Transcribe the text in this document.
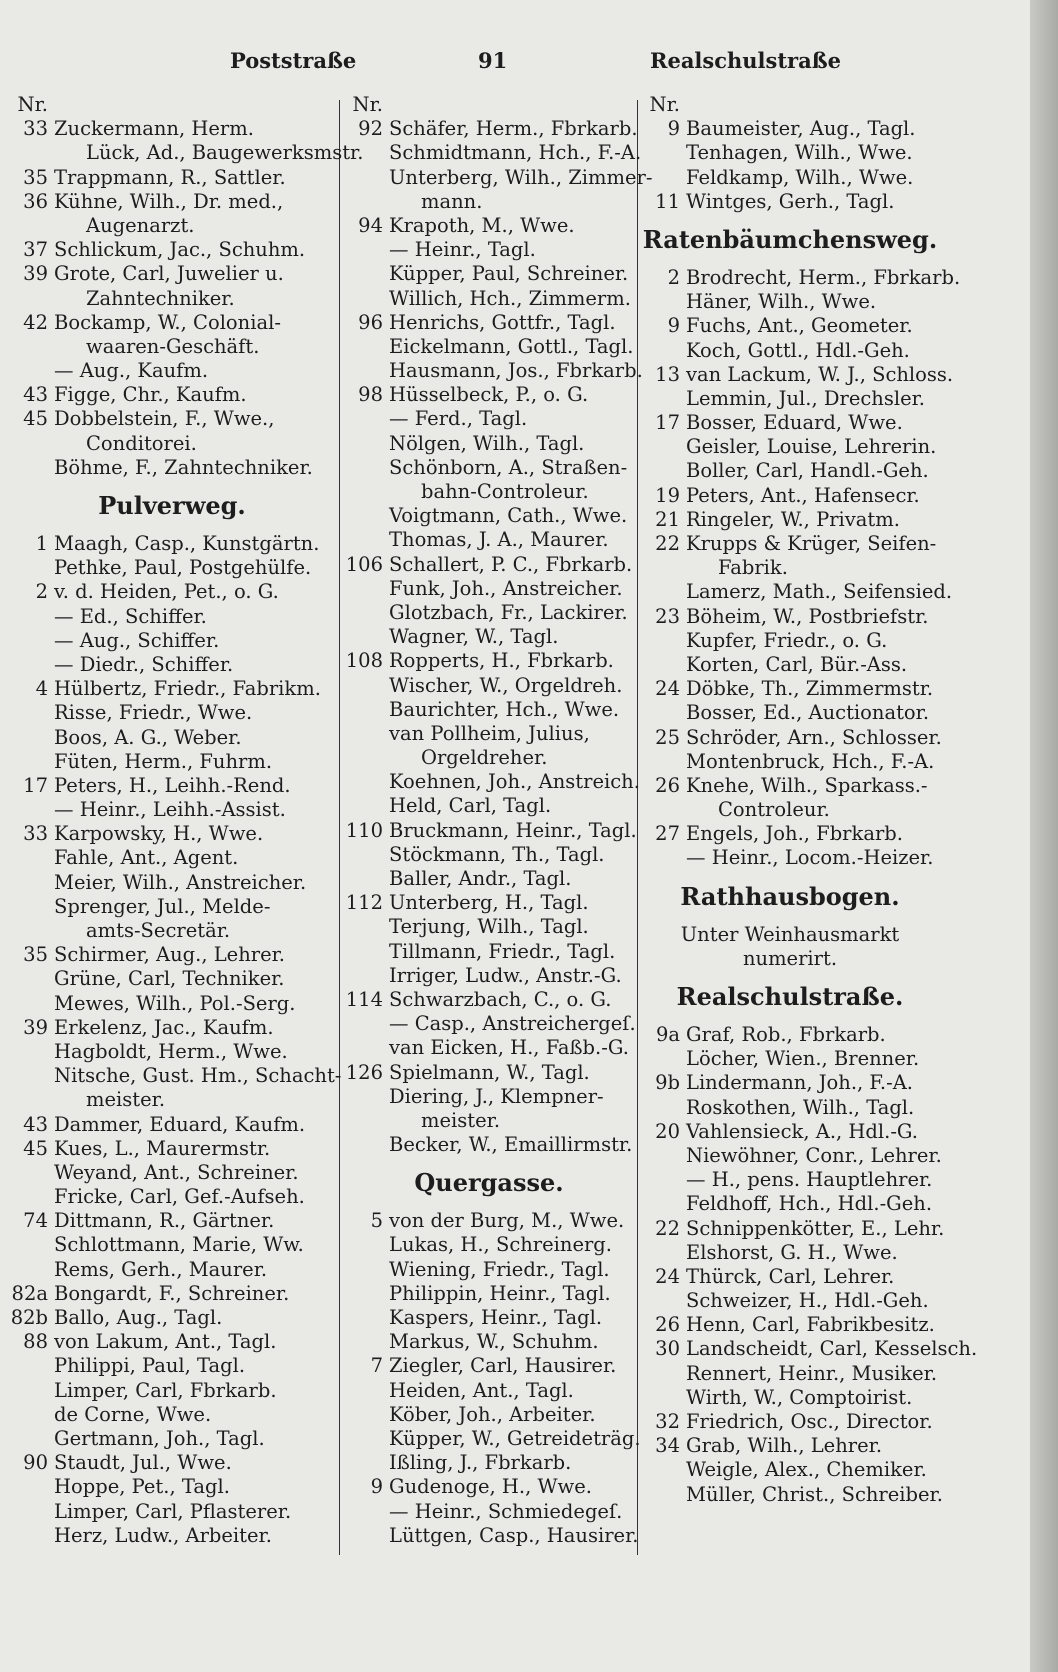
Poststraße	91	Realschulstraße
Nr.
33 Zuckermann, Herm.
Lück, Ad., Baugewerksmstr.
35 Trappmann, R., Sattler.
36 Kühne, Wilh., Dr. med.,
Augenarzt.
37 Schlickum, Jac., Schuhm.
39 Grote, Carl, Juwelier u.
Zahntechniker.
42 Bockamp, W., Colonial-
waaren-Geschäft.
— Aug., Kaufm.
43 Figge, Chr., Kaufm.
45 Dobbelstein, F., Wwe.,
Conditorei.
Böhme, F., Zahntechniker.
Pulverweg.
1 Maagh, Casp., Kunstgärtn.
Pethke, Paul, Postgehülfe.
2 v. d. Heiden, Pet., o. G.
— Ed., Schiffer.
— Aug., Schiffer.
— Diedr., Schiffer.
4 Hülbertz, Friedr., Fabrikm.
Risse, Friedr., Wwe.
Boos, A. G., Weber.
Füten, Herm., Fuhrm.
17 Peters, H., Leihh.-Rend.
— Heinr., Leihh.-Assist.
33 Karpowsky, H., Wwe.
Fahle, Ant., Agent.
Meier, Wilh., Anstreicher.
Sprenger, Jul., Melde-
amts-Secretär.
35 Schirmer, Aug., Lehrer.
Grüne, Carl, Techniker.
Mewes, Wilh., Pol.-Serg.
39 Erkelenz, Jac., Kaufm.
Hagboldt, Herm., Wwe.
Nitsche, Gust. Hm., Schacht-
meister.
43 Dammer, Eduard, Kaufm.
45 Kues, L., Maurermstr.
Weyand, Ant., Schreiner.
Fricke, Carl, Gef.-Aufseh.
74 Dittmann, R., Gärtner.
Schlottmann, Marie, Ww.
Rems, Gerh., Maurer.
82a Bongardt, F., Schreiner.
82b Ballo, Aug., Tagl.
88 von Lakum, Ant., Tagl.
Philippi, Paul, Tagl.
Limper, Carl, Fbrkarb.
de Corne, Wwe.
Gertmann, Joh., Tagl.
90 Staudt, Jul., Wwe.
Hoppe, Pet., Tagl.
Limper, Carl, Pflasterer.
Herz, Ludw., Arbeiter.
Nr.
92 Schäfer, Herm., Fbrkarb.
Schmidtmann, Hch., F.-A.
Unterberg, Wilh., Zimmer-
mann.
94 Krapoth, M., Wwe.
— Heinr., Tagl.
Küpper, Paul, Schreiner.
Willich, Hch., Zimmerm.
96 Henrichs, Gottfr., Tagl.
Eickelmann, Gottl., Tagl.
Hausmann, Jos., Fbrkarb.
98 Hüsselbeck, P., o. G.
— Ferd., Tagl.
Nölgen, Wilh., Tagl.
Schönborn, A., Straßen-
bahn-Controleur.
Voigtmann, Cath., Wwe.
Thomas, J. A., Maurer.
106 Schallert, P. C., Fbrkarb.
Funk, Joh., Anstreicher.
Glotzbach, Fr., Lackirer.
Wagner, W., Tagl.
108 Ropperts, H., Fbrkarb.
Wischer, W., Orgeldreh.
Baurichter, Hch., Wwe.
van Pollheim, Julius,
Orgeldreher.
Koehnen, Joh., Anstreich.
Held, Carl, Tagl.
110 Bruckmann, Heinr., Tagl.
Stöckmann, Th., Tagl.
Baller, Andr., Tagl.
112 Unterberg, H., Tagl.
Terjung, Wilh., Tagl.
Tillmann, Friedr., Tagl.
Irriger, Ludw., Anstr.-G.
114 Schwarzbach, C., o. G.
— Casp., Anstreichergeſ.
van Eicken, H., Faßb.-G.
126 Spielmann, W., Tagl.
Diering, J., Klempner-
meister.
Becker, W., Emaillirmstr.
Quergasse.
5 von der Burg, M., Wwe.
Lukas, H., Schreinerg.
Wiening, Friedr., Tagl.
Philippin, Heinr., Tagl.
Kaspers, Heinr., Tagl.
Markus, W., Schuhm.
7 Ziegler, Carl, Hausirer.
Heiden, Ant., Tagl.
Köber, Joh., Arbeiter.
Küpper, W., Getreideträg.
Ißling, J., Fbrkarb.
9 Gudenoge, H., Wwe.
— Heinr., Schmiedegeſ.
Lüttgen, Casp., Hausirer.
Nr.
9 Baumeister, Aug., Tagl.
Tenhagen, Wilh., Wwe.
Feldkamp, Wilh., Wwe.
11 Wintges, Gerh., Tagl.
Ratenbäumchensweg.
2 Brodrecht, Herm., Fbrkarb.
Häner, Wilh., Wwe.
9 Fuchs, Ant., Geometer.
Koch, Gottl., Hdl.-Geh.
13 van Lackum, W. J., Schloss.
Lemmin, Jul., Drechsler.
17 Bosser, Eduard, Wwe.
Geisler, Louise, Lehrerin.
Boller, Carl, Handl.-Geh.
19 Peters, Ant., Hafensecr.
21 Ringeler, W., Privatm.
22 Krupps & Krüger, Seifen-
Fabrik.
Lamerz, Math., Seifensied.
23 Böheim, W., Postbriefstr.
Kupfer, Friedr., o. G.
Korten, Carl, Bür.-Ass.
24 Döbke, Th., Zimmermstr.
Bosser, Ed., Auctionator.
25 Schröder, Arn., Schlosser.
Montenbruck, Hch., F.-A.
26 Knehe, Wilh., Sparkass.-
Controleur.
27 Engels, Joh., Fbrkarb.
— Heinr., Locom.-Heizer.
Rathhausbogen.
Unter Weinhausmarkt
numerirt.
Realschulstraße.
9a Graf, Rob., Fbrkarb.
Löcher, Wien., Brenner.
9b Lindermann, Joh., F.-A.
Roskothen, Wilh., Tagl.
20 Vahlensieck, A., Hdl.-G.
Niewöhner, Conr., Lehrer.
— H., pens. Hauptlehrer.
Feldhoff, Hch., Hdl.-Geh.
22 Schnippenkötter, E., Lehr.
Elshorst, G. H., Wwe.
24 Thürck, Carl, Lehrer.
Schweizer, H., Hdl.-Geh.
26 Henn, Carl, Fabrikbesitz.
30 Landscheidt, Carl, Kesselsch.
Rennert, Heinr., Musiker.
Wirth, W., Comptoirist.
32 Friedrich, Osc., Director.
34 Grab, Wilh., Lehrer.
Weigle, Alex., Chemiker.
Müller, Christ., Schreiber.
